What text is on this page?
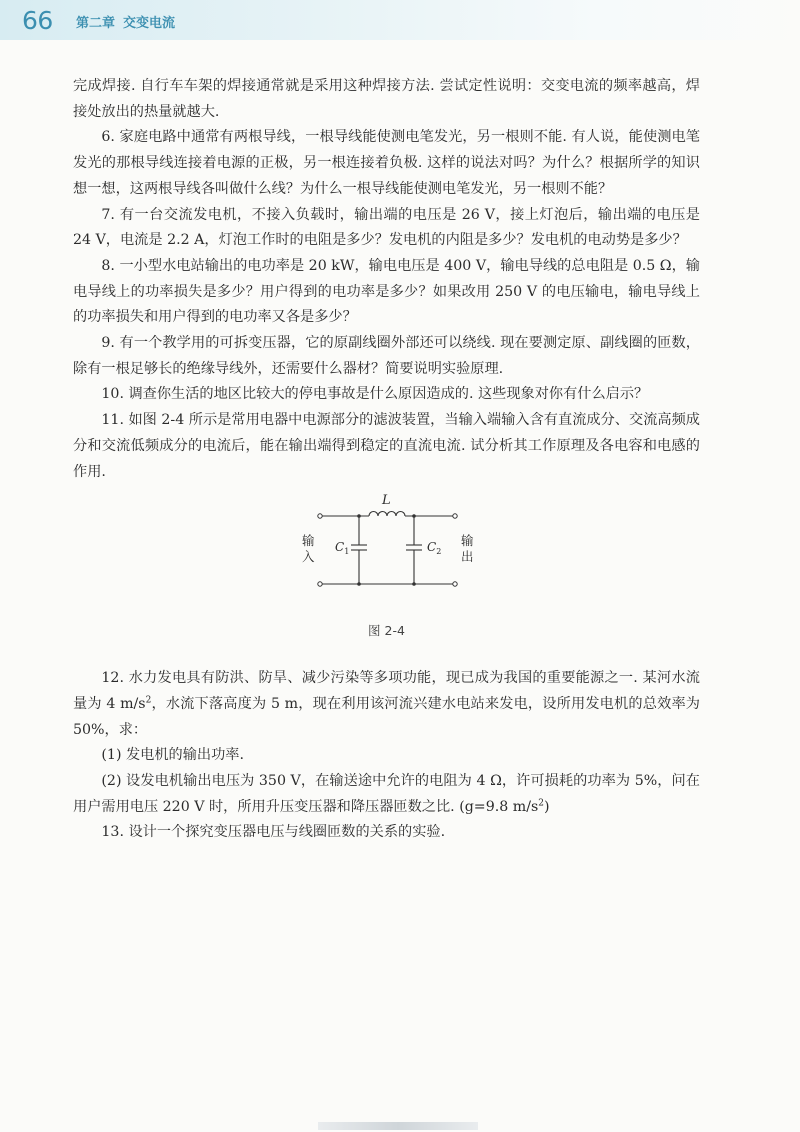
66 第二章 交变电流

完成焊接. 自行车车架的焊接通常就是采用这种焊接方法. 尝试定性说明：交变电流的频率越高，焊接处放出的热量就越大.

6. 家庭电路中通常有两根导线，一根导线能使测电笔发光，另一根则不能. 有人说，能使测电笔发光的那根导线连接着电源的正极，另一根连接着负极. 这样的说法对吗？为什么？根据所学的知识想一想，这两根导线各叫做什么线？为什么一根导线能使测电笔发光，另一根则不能？

7. 有一台交流发电机，不接入负载时，输出端的电压是 26 V，接上灯泡后，输出端的电压是 24 V，电流是 2.2 A，灯泡工作时的电阻是多少？发电机的内阻是多少？发电机的电动势是多少？

8. 一小型水电站输出的电功率是 20 kW，输电电压是 400 V，输电导线的总电阻是 0.5 Ω，输电导线上的功率损失是多少？用户得到的电功率是多少？如果改用 250 V 的电压输电，输电导线上的功率损失和用户得到的电功率又各是多少？

9. 有一个教学用的可拆变压器，它的原副线圈外部还可以绕线. 现在要测定原、副线圈的匝数，除有一根足够长的绝缘导线外，还需要什么器材？简要说明实验原理.

10. 调查你生活的地区比较大的停电事故是什么原因造成的. 这些现象对你有什么启示？

11. 如图 2-4 所示是常用电器中电源部分的滤波装置，当输入端输入含有直流成分、交流高频成分和交流低频成分的电流后，能在输出端得到稳定的直流电流. 试分析其工作原理及各电容和电感的作用.

L
$C_1$	$C_2$
输
入
输
出
图 2-4

12. 水力发电具有防洪、防旱、减少污染等多项功能，现已成为我国的重要能源之一. 某河水流量为 4 $m/s^2$，水流下落高度为 5 m，现在利用该河流兴建水电站来发电，设所用发电机的总效率为 50%，求：

(1) 发电机的输出功率.

(2) 设发电机输出电压为 350 V，在输送途中允许的电阻为 4 Ω，许可损耗的功率为 5%，问在用户需用电压 220 V 时，所用升压变压器和降压器匝数之比. (g=9.8 $m/s^2$)

13. 设计一个探究变压器电压与线圈匝数的关系的实验.
